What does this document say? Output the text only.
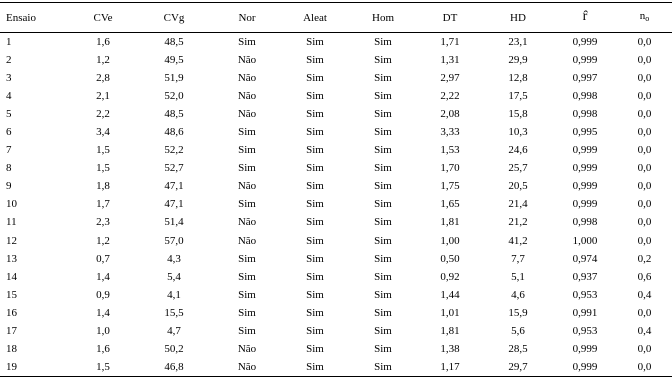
Ensaio	CVe	CVg	Nor	Aleat	Hom	DT	HD	r̂	$n_o$
1	1,6	48,5	Sim	Sim	Sim	1,71	23,1	0,999	0,0
2	1,2	49,5	Não	Sim	Sim	1,31	29,9	0,999	0,0
3	2,8	51,9	Não	Sim	Sim	2,97	12,8	0,997	0,0
4	2,1	52,0	Não	Sim	Sim	2,22	17,5	0,998	0,0
5	2,2	48,5	Não	Sim	Sim	2,08	15,8	0,998	0,0
6	3,4	48,6	Sim	Sim	Sim	3,33	10,3	0,995	0,0
7	1,5	52,2	Sim	Sim	Sim	1,53	24,6	0,999	0,0
8	1,5	52,7	Sim	Sim	Sim	1,70	25,7	0,999	0,0
9	1,8	47,1	Não	Sim	Sim	1,75	20,5	0,999	0,0
10	1,7	47,1	Sim	Sim	Sim	1,65	21,4	0,999	0,0
11	2,3	51,4	Não	Sim	Sim	1,81	21,2	0,998	0,0
12	1,2	57,0	Não	Sim	Sim	1,00	41,2	1,000	0,0
13	0,7	4,3	Sim	Sim	Sim	0,50	7,7	0,974	0,2
14	1,4	5,4	Sim	Sim	Sim	0,92	5,1	0,937	0,6
15	0,9	4,1	Sim	Sim	Sim	1,44	4,6	0,953	0,4
16	1,4	15,5	Sim	Sim	Sim	1,01	15,9	0,991	0,0
17	1,0	4,7	Sim	Sim	Sim	1,81	5,6	0,953	0,4
18	1,6	50,2	Não	Sim	Sim	1,38	28,5	0,999	0,0
19	1,5	46,8	Não	Sim	Sim	1,17	29,7	0,999	0,0
